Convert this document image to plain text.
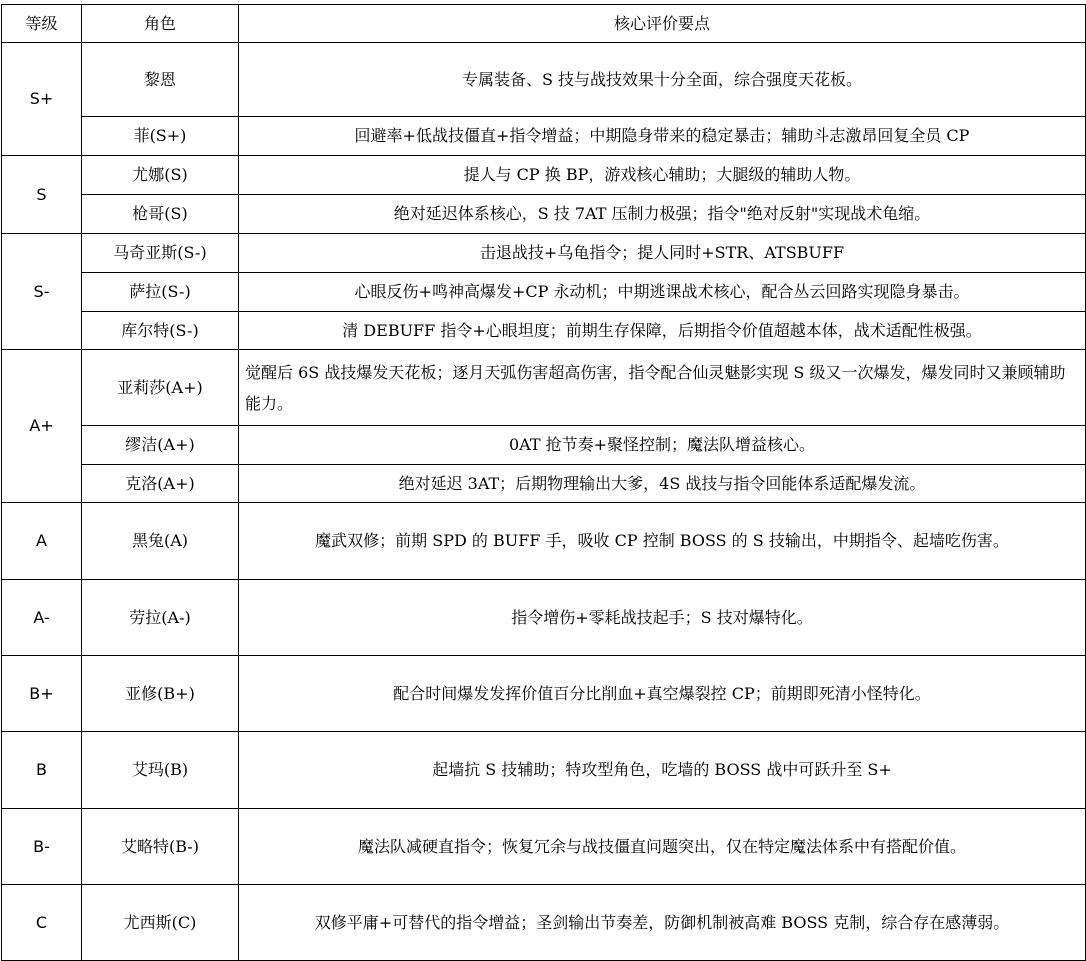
等级	角色	核心评价要点
S+	黎恩	专属装备、S 技与战技效果十分全面，综合强度天花板。
	菲(S+)	回避率+低战技僵直+指令增益；中期隐身带来的稳定暴击；辅助斗志激昂回复全员 CP
S	尤娜(S)	提人与 CP 换 BP，游戏核心辅助；大腿级的辅助人物。
	枪哥(S)	绝对延迟体系核心，S 技 7AT 压制力极强；指令"绝对反射"实现战术龟缩。
S-	马奇亚斯(S-)	击退战技+乌龟指令；提人同时+STR、ATSBUFF
	萨拉(S-)	心眼反伤+鸣神高爆发+CP 永动机；中期逃课战术核心，配合丛云回路实现隐身暴击。
	库尔特(S-)	清 DEBUFF 指令+心眼坦度；前期生存保障，后期指令价值超越本体，战术适配性极强。
A+	亚莉莎(A+)	觉醒后 6S 战技爆发天花板；逐月天弧伤害超高伤害，指令配合仙灵魅影实现 S 级又一次爆发，爆发同时又兼顾辅助能力。
	缪洁(A+)	0AT 抢节奏+聚怪控制；魔法队增益核心。
	克洛(A+)	绝对延迟 3AT；后期物理输出大爹，4S 战技与指令回能体系适配爆发流。
A	黑兔(A)	魔武双修；前期 SPD 的 BUFF 手，吸收 CP 控制 BOSS 的 S 技输出，中期指令、起墙吃伤害。
A-	劳拉(A-)	指令增伤+零耗战技起手；S 技对爆特化。
B+	亚修(B+)	配合时间爆发发挥价值百分比削血+真空爆裂控 CP；前期即死清小怪特化。
B	艾玛(B)	起墙抗 S 技辅助；特攻型角色，吃墙的 BOSS 战中可跃升至 S+
B-	艾略特(B-)	魔法队减硬直指令；恢复冗余与战技僵直问题突出，仅在特定魔法体系中有搭配价值。
C	尤西斯(C)	双修平庸+可替代的指令增益；圣剑输出节奏差，防御机制被高难 BOSS 克制，综合存在感薄弱。
